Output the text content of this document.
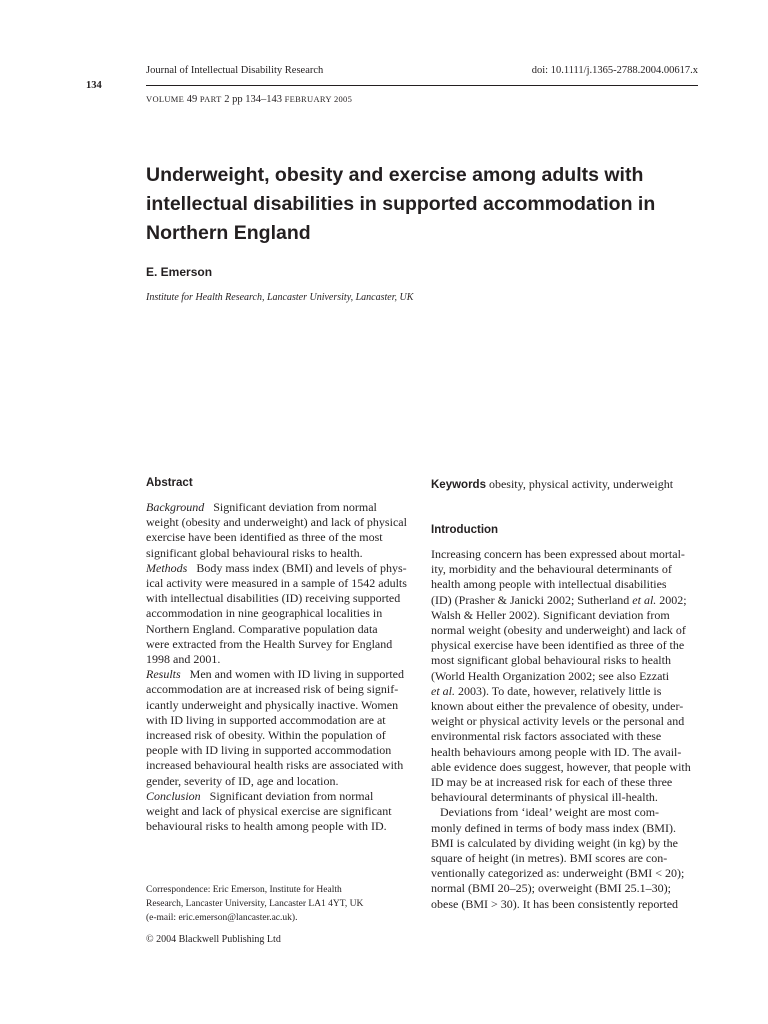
134
Journal of Intellectual Disability Research	doi: 10.1111/j.1365-2788.2004.00617.x
VOLUME 49 PART 2 pp 134–143 FEBRUARY 2005
Underweight, obesity and exercise among adults with
intellectual disabilities in supported accommodation in
Northern England
E. Emerson
Institute for Health Research, Lancaster University, Lancaster, UK
Abstract
Background   Significant deviation from normal
weight (obesity and underweight) and lack of physical
exercise have been identified as three of the most
significant global behavioural risks to health.
Methods   Body mass index (BMI) and levels of phys-
ical activity were measured in a sample of 1542 adults
with intellectual disabilities (ID) receiving supported
accommodation in nine geographical localities in
Northern England. Comparative population data
were extracted from the Health Survey for England
1998 and 2001.
Results   Men and women with ID living in supported
accommodation are at increased risk of being signif-
icantly underweight and physically inactive. Women
with ID living in supported accommodation are at
increased risk of obesity. Within the population of
people with ID living in supported accommodation
increased behavioural health risks are associated with
gender, severity of ID, age and location.
Conclusion   Significant deviation from normal
weight and lack of physical exercise are significant
behavioural risks to health among people with ID.
Keywords obesity, physical activity, underweight
Introduction
Increasing concern has been expressed about mortal-
ity, morbidity and the behavioural determinants of
health among people with intellectual disabilities
(ID) (Prasher & Janicki 2002; Sutherland et al. 2002;
Walsh & Heller 2002). Significant deviation from
normal weight (obesity and underweight) and lack of
physical exercise have been identified as three of the
most significant global behavioural risks to health
(World Health Organization 2002; see also Ezzati
et al. 2003). To date, however, relatively little is
known about either the prevalence of obesity, under-
weight or physical activity levels or the personal and
environmental risk factors associated with these
health behaviours among people with ID. The avail-
able evidence does suggest, however, that people with
ID may be at increased risk for each of these three
behavioural determinants of physical ill-health.
Deviations from ‘ideal’ weight are most com-
monly defined in terms of body mass index (BMI).
BMI is calculated by dividing weight (in kg) by the
square of height (in metres). BMI scores are con-
ventionally categorized as: underweight (BMI < 20);
normal (BMI 20–25); overweight (BMI 25.1–30);
obese (BMI > 30). It has been consistently reported
Correspondence: Eric Emerson, Institute for Health
Research, Lancaster University, Lancaster LA1 4YT, UK
(e-mail: eric.emerson@lancaster.ac.uk).
© 2004 Blackwell Publishing Ltd
